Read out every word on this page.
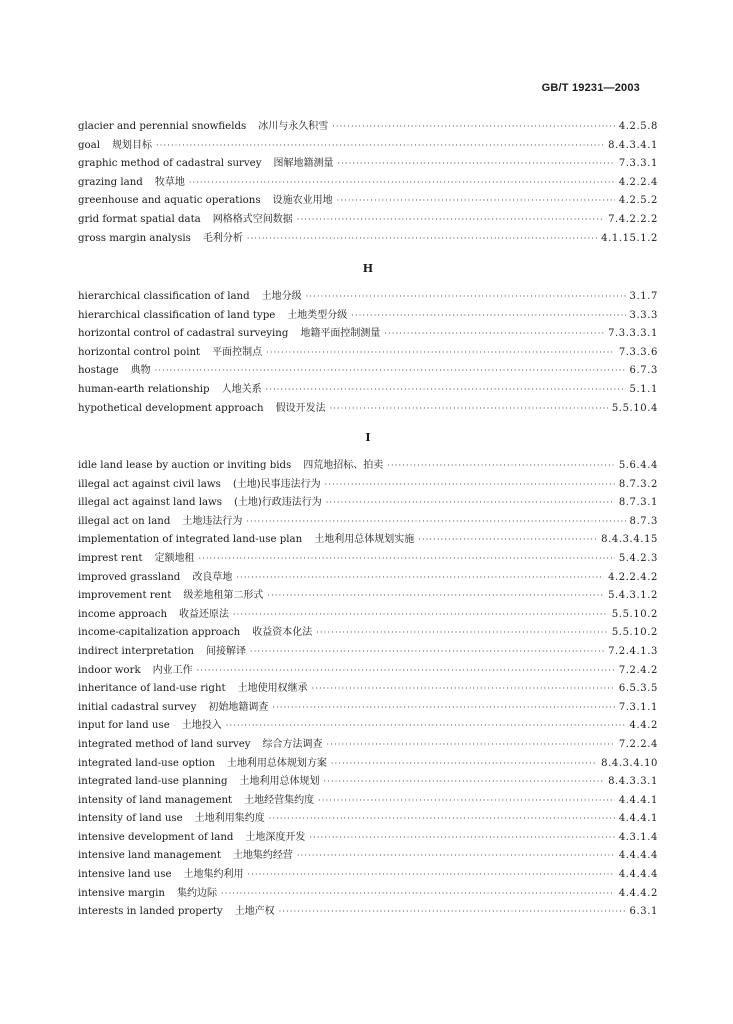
GB/T 19231—2003
glacier and perennial snowfields 冰川与永久积雪 ·····	4.2.5.8
goal 规划目标 ·····	8.4.3.4.1
graphic method of cadastral survey 图解地籍测量 ·····	7.3.3.1
grazing land 牧草地 ·····	4.2.2.4
greenhouse and aquatic operations 设施农业用地 ·····	4.2.5.2
grid format spatial data 网格格式空间数据 ·····	7.4.2.2.2
gross margin analysis 毛利分析 ·····	4.1.15.1.2
H
hierarchical classification of land 土地分级 ·····	3.1.7
hierarchical classification of land type 土地类型分级 ·····	3.3.3
horizontal control of cadastral surveying 地籍平面控制测量 ·····	7.3.3.3.1
horizontal control point 平面控制点 ·····	7.3.3.6
hostage 典物 ·····	6.7.3
human-earth relationship 人地关系 ·····	5.1.1
hypothetical development approach 假设开发法 ·····	5.5.10.4
I
idle land lease by auction or inviting bids 四荒地招标、拍卖 ·····	5.6.4.4
illegal act against civil laws (土地)民事违法行为 ·····	8.7.3.2
illegal act against land laws (土地)行政违法行为 ·····	8.7.3.1
illegal act on land 土地违法行为 ·····	8.7.3
implementation of integrated land-use plan 土地利用总体规划实施 ·····	8.4.3.4.15
imprest rent 定额地租 ·····	5.4.2.3
improved grassland 改良草地 ·····	4.2.2.4.2
improvement rent 级差地租第二形式 ·····	5.4.3.1.2
income approach 收益还原法 ·····	5.5.10.2
income-capitalization approach 收益资本化法 ·····	5.5.10.2
indirect interpretation 间接解译 ·····	7.2.4.1.3
indoor work 内业工作 ·····	7.2.4.2
inheritance of land-use right 土地使用权继承 ·····	6.5.3.5
initial cadastral survey 初始地籍调查 ·····	7.3.1.1
input for land use 土地投入 ·····	4.4.2
integrated method of land survey 综合方法调查 ·····	7.2.2.4
integrated land-use option 土地利用总体规划方案 ·····	8.4.3.4.10
integrated land-use planning 土地利用总体规划 ·····	8.4.3.3.1
intensity of land management 土地经营集约度 ·····	4.4.4.1
intensity of land use 土地利用集约度 ·····	4.4.4.1
intensive development of land 土地深度开发 ·····	4.3.1.4
intensive land management 土地集约经营 ·····	4.4.4.4
intensive land use 土地集约利用 ·····	4.4.4.4
intensive margin 集约边际 ·····	4.4.4.2
interests in landed property 土地产权 ·····	6.3.1
